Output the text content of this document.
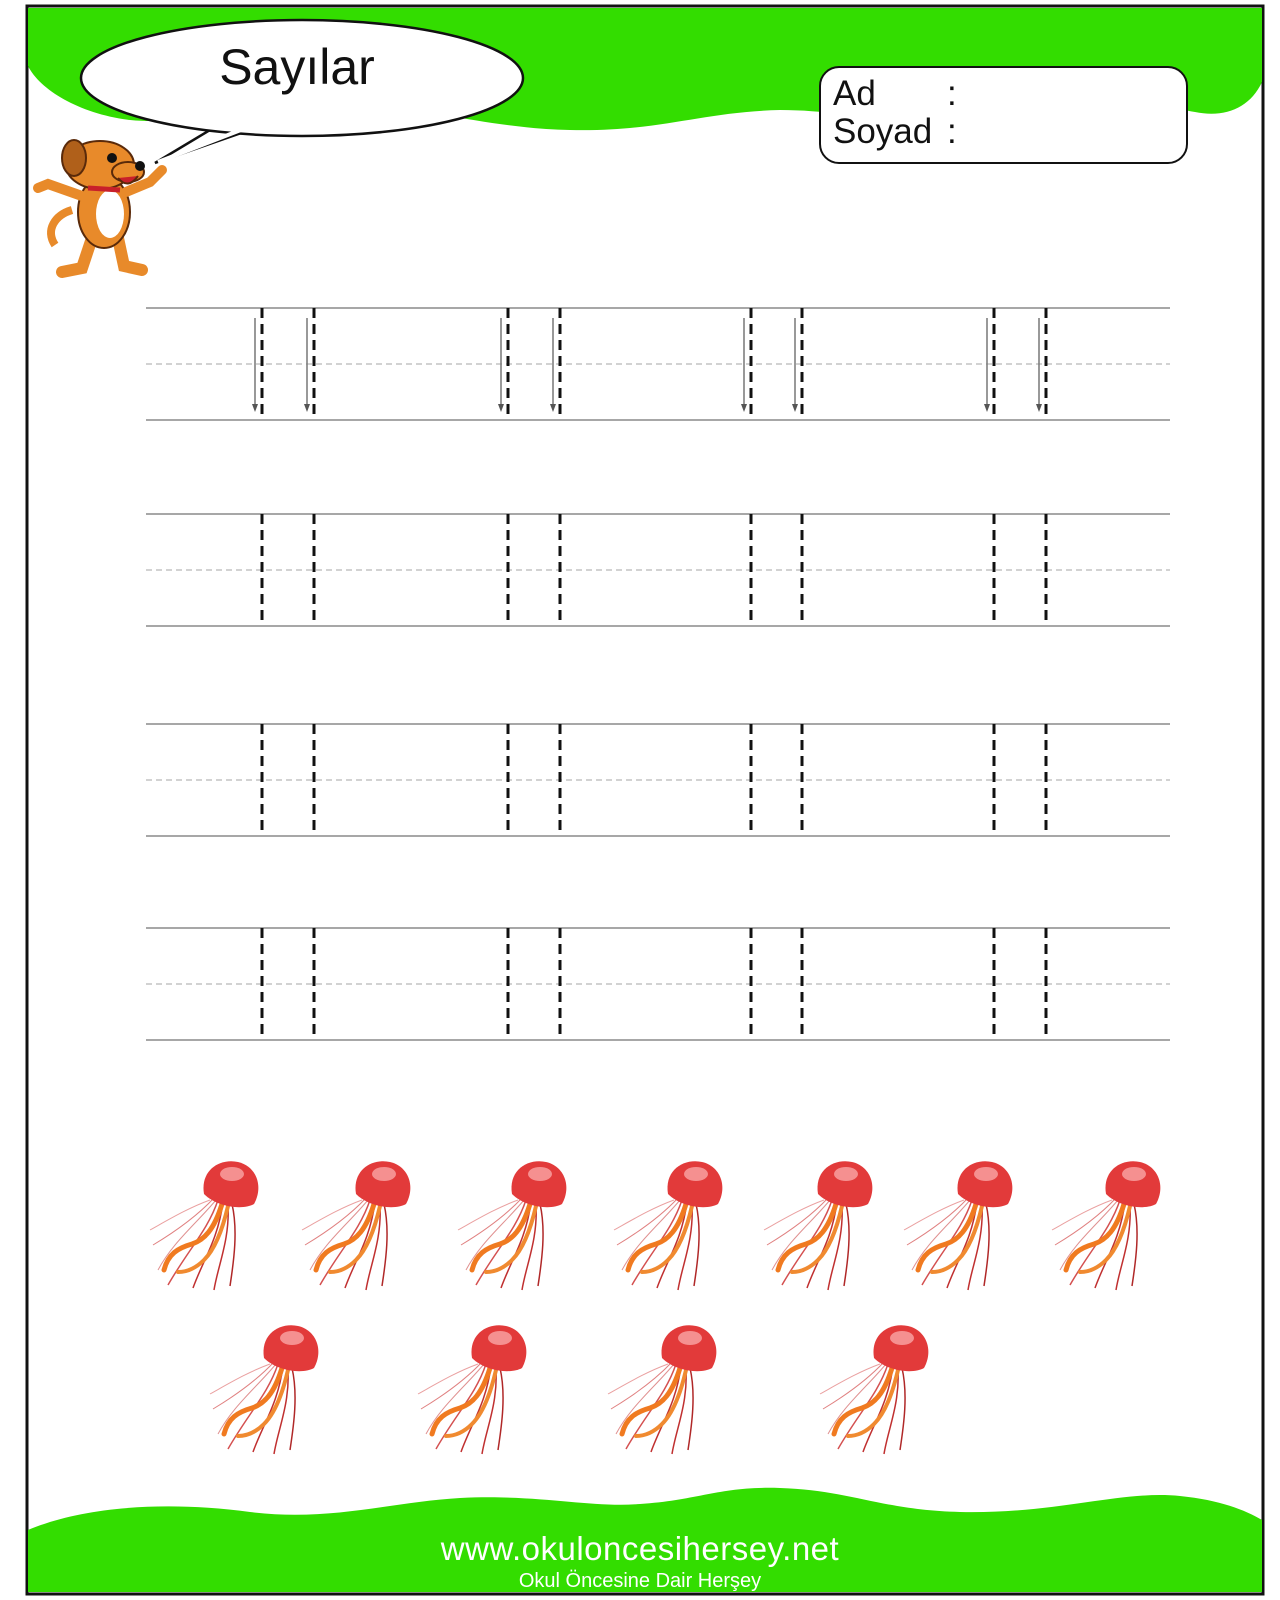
Sayılar	Ad :
Soyad :
www.okuloncesihersey.net
Okul Öncesine Dair Herşey
